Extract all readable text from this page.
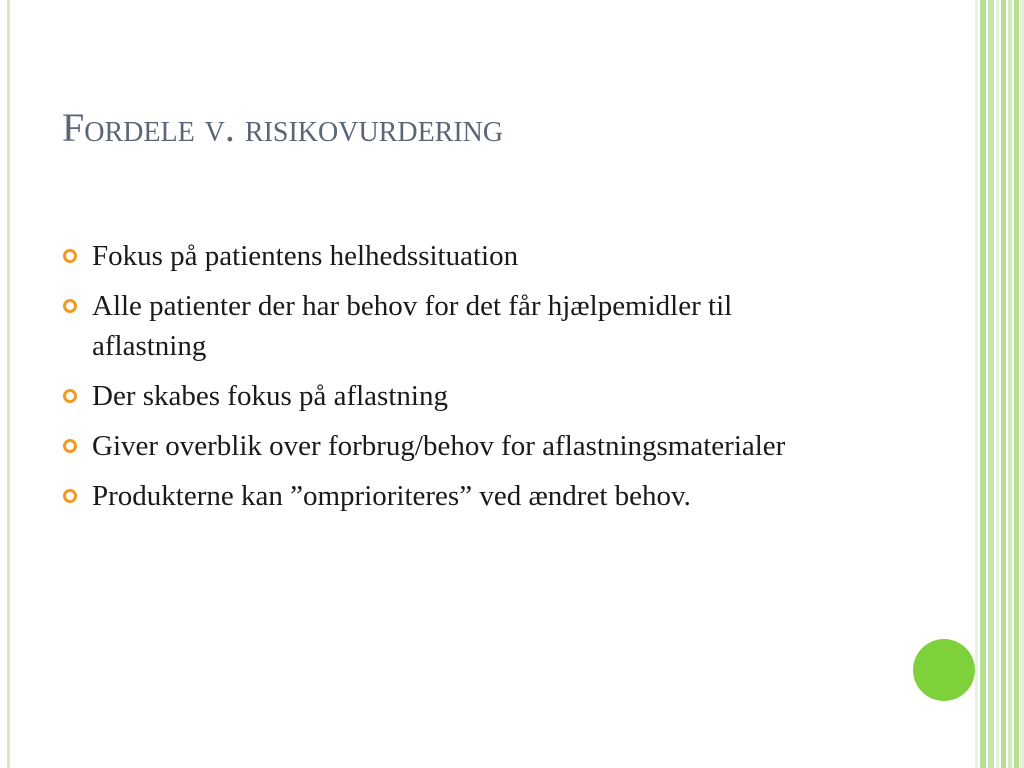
Fordele v. risikovurdering
Fokus på patientens helhedssituation
Alle patienter der har behov for det får hjælpemidler til aflastning
Der skabes fokus på aflastning
Giver overblik over forbrug/behov for aflastningsmaterialer
Produkterne kan ”omprioriteres” ved ændret behov.
